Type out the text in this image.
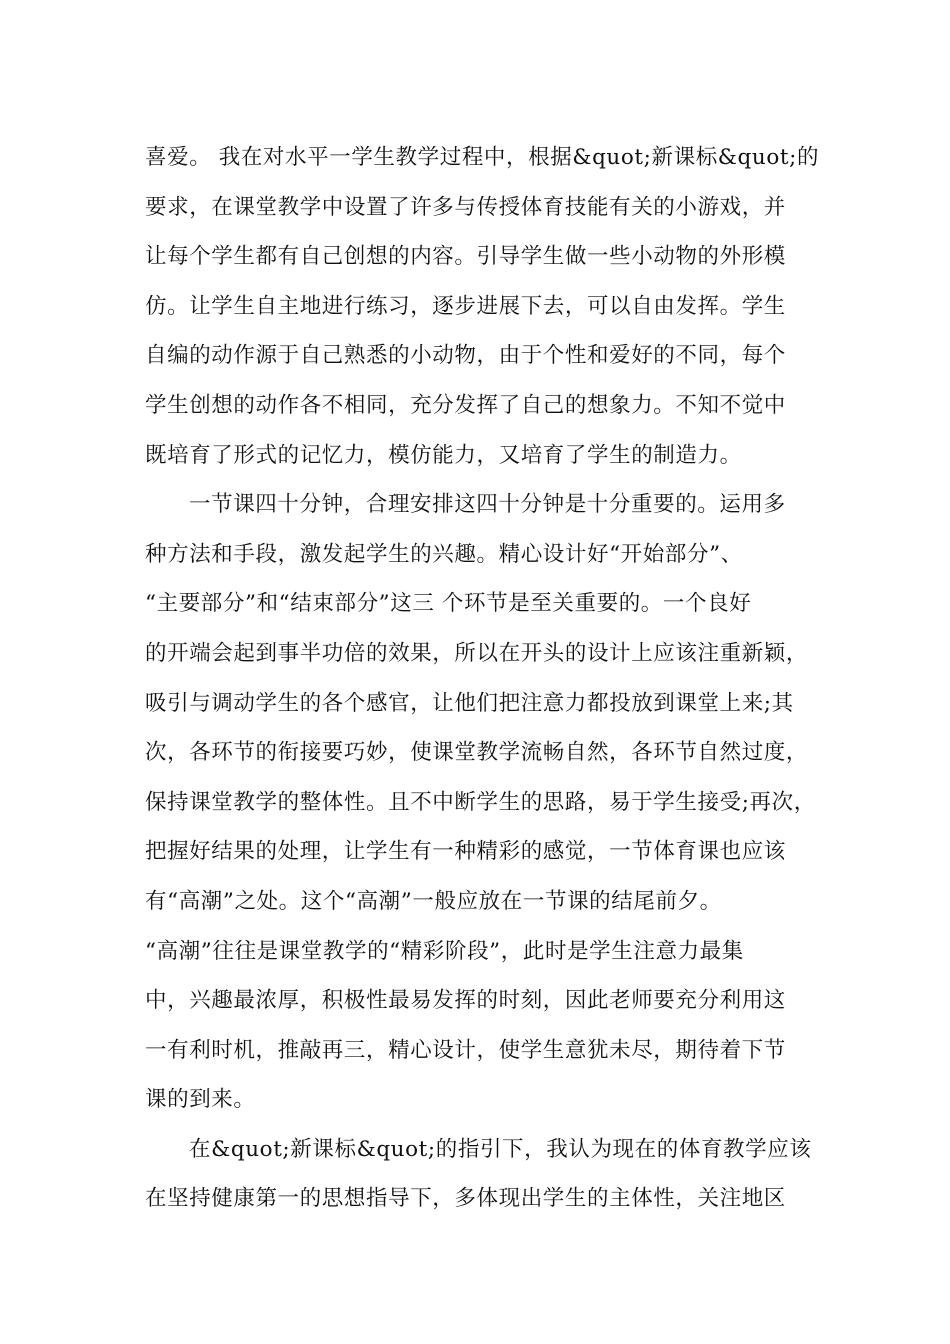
喜爱。 我在对水平一学生教学过程中，根据&quot;新课标&quot;的
要求，在课堂教学中设置了许多与传授体育技能有关的小游戏，并
让每个学生都有自己创想的内容。引导学生做一些小动物的外形模
仿。让学生自主地进行练习，逐步进展下去，可以自由发挥。学生
自编的动作源于自己熟悉的小动物，由于个性和爱好的不同，每个
学生创想的动作各不相同，充分发挥了自己的想象力。不知不觉中
既培育了形式的记忆力，模仿能力，又培育了学生的制造力。
一节课四十分钟，合理安排这四十分钟是十分重要的。运用多
种方法和手段，激发起学生的兴趣。精心设计好“开始部分”、
“主要部分”和“结束部分”这三 个环节是至关重要的。一个良好
的开端会起到事半功倍的效果，所以在开头的设计上应该注重新颖，
吸引与调动学生的各个感官，让他们把注意力都投放到课堂上来;其
次，各环节的衔接要巧妙，使课堂教学流畅自然，各环节自然过度，
保持课堂教学的整体性。且不中断学生的思路，易于学生接受;再次，
把握好结果的处理，让学生有一种精彩的感觉，一节体育课也应该
有“高潮”之处。这个“高潮”一般应放在一节课的结尾前夕。
“高潮”往往是课堂教学的“精彩阶段”，此时是学生注意力最集
中，兴趣最浓厚，积极性最易发挥的时刻，因此老师要充分利用这
一有利时机，推敲再三，精心设计，使学生意犹未尽，期待着下节
课的到来。
在&quot;新课标&quot;的指引下，我认为现在的体育教学应该
在坚持健康第一的思想指导下，多体现出学生的主体性，关注地区
